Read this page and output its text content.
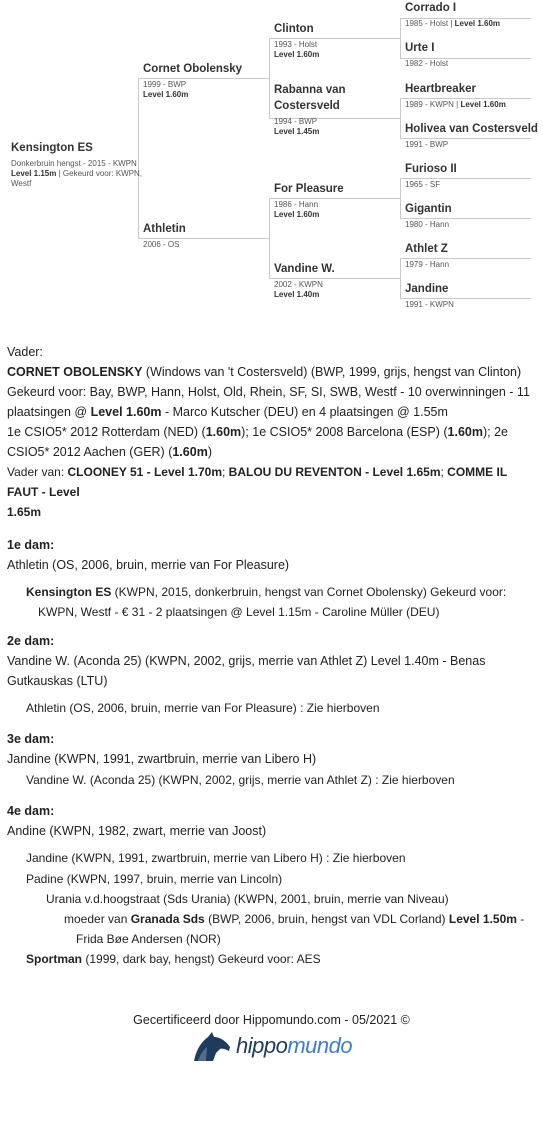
Kensington ES
Donkerbruin hengst - 2015 - KWPN
Level 1.15m | Gekeurd voor: KWPN,
Westf
Cornet Obolensky
1999 - BWP
Level 1.60m
Athletin
2006 - OS
Clinton
1993 - Holst
Level 1.60m
Rabanna van
Costersveld
1994 - BWP
Level 1.45m
For Pleasure
1986 - Hann
Level 1.60m
Vandine W.
2002 - KWPN
Level 1.40m
Corrado I
1985 - Holst | Level 1.60m
Urte I
1982 - Holst
Heartbreaker
1989 - KWPN | Level 1.60m
Holivea van Costersveld
1991 - BWP
Furioso II
1965 - SF
Gigantin
1980 - Hann
Athlet Z
1979 - Hann
Jandine
1991 - KWPN
Vader:
CORNET OBOLENSKY (Windows van 't Costersveld) (BWP, 1999, grijs, hengst van Clinton)
Gekeurd voor: Bay, BWP, Hann, Holst, Old, Rhein, SF, SI, SWB, Westf - 10 overwinningen - 11
plaatsingen @ Level 1.60m - Marco Kutscher (DEU) en 4 plaatsingen @ 1.55m
1e CSIO5* 2012 Rotterdam (NED) (1.60m); 1e CSIO5* 2008 Barcelona (ESP) (1.60m); 2e
CSIO5* 2012 Aachen (GER) (1.60m)
Vader van: CLOONEY 51 - Level 1.70m; BALOU DU REVENTON - Level 1.65m; COMME IL FAUT - Level
1.65m
1e dam:
Athletin (OS, 2006, bruin, merrie van For Pleasure)
Kensington ES (KWPN, 2015, donkerbruin, hengst van Cornet Obolensky) Gekeurd voor:
KWPN, Westf - € 31 - 2 plaatsingen @ Level 1.15m - Caroline Müller (DEU)
2e dam:
Vandine W. (Aconda 25) (KWPN, 2002, grijs, merrie van Athlet Z) Level 1.40m - Benas
Gutkauskas (LTU)
Athletin (OS, 2006, bruin, merrie van For Pleasure) : Zie hierboven
3e dam:
Jandine (KWPN, 1991, zwartbruin, merrie van Libero H)
Vandine W. (Aconda 25) (KWPN, 2002, grijs, merrie van Athlet Z) : Zie hierboven
4e dam:
Andine (KWPN, 1982, zwart, merrie van Joost)
Jandine (KWPN, 1991, zwartbruin, merrie van Libero H) : Zie hierboven
Padine (KWPN, 1997, bruin, merrie van Lincoln)
Urania v.d.hoogstraat (Sds Urania) (KWPN, 2001, bruin, merrie van Niveau)
moeder van Granada Sds (BWP, 2006, bruin, hengst van VDL Corland) Level 1.50m -
Frida Bøe Andersen (NOR)
Sportman (1999, dark bay, hengst) Gekeurd voor: AES
Gecertificeerd door Hippomundo.com - 05/2021 ©
hippomundo
